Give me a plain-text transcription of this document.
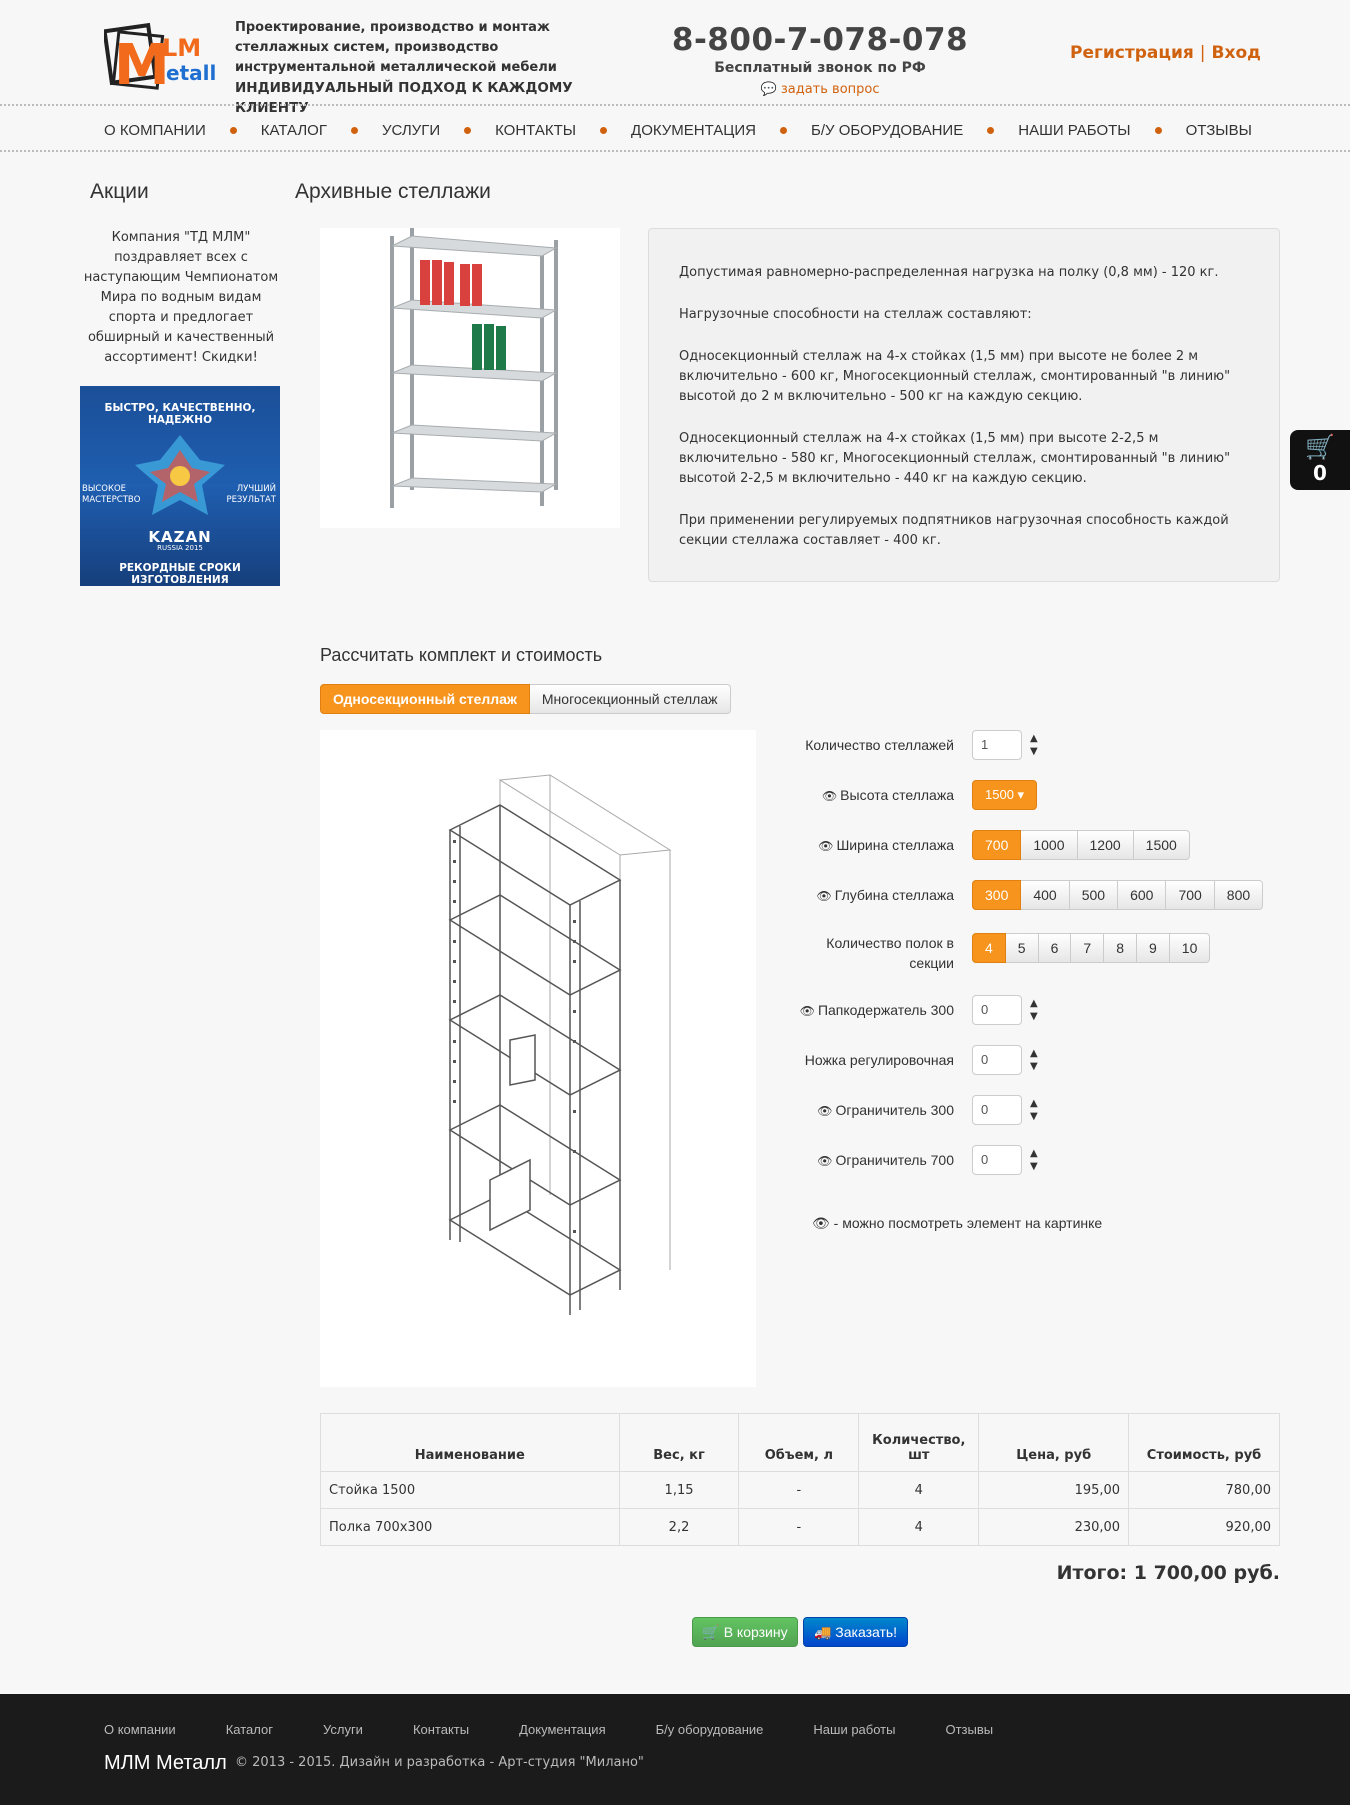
M
LM
etall
Проектирование, производство и монтаж
стеллажных систем, производство
инструментальной металлической мебели
ИНДИВИДУАЛЬНЫЙ ПОДХОД К КАЖДОМУ КЛИЕНТУ
8-800-7-078-078
Бесплатный звонок по РФ
💬 задать вопрос
Регистрация | Вход
О КОМПАНИИ	КАТАЛОГ	УСЛУГИ	КОНТАКТЫ	ДОКУМЕНТАЦИЯ	Б/У ОБОРУДОВАНИЕ	НАШИ РАБОТЫ	ОТЗЫВЫ
Акции
Компания "ТД МЛМ" поздравляет всех с наступающим Чемпионатом Мира по водным видам спорта и предлогает обширный и качественный ассортимент! Скидки!
БЫСТРО, КАЧЕСТВЕННО, НАДЕЖНО
ВЫСОКОЕ МАСТЕРСТВО
ЛУЧШИЙ РЕЗУЛЬТАТ
KAZAN
RUSSIA 2015
РЕКОРДНЫЕ СРОКИ ИЗГОТОВЛЕНИЯ
Архивные стеллажи

Допустимая равномерно-распределенная нагрузка на полку (0,8 мм) - 120 кг.

Нагрузочные способности на стеллаж составляют:

Односекционный стеллаж на 4-х стойках (1,5 мм) при высоте не более 2 м включительно - 600 кг, Многосекционный стеллаж, смонтированный "в линию" высотой до 2 м включительно - 500 кг на каждую секцию.

Односекционный стеллаж на 4-х стойках (1,5 мм) при высоте 2-2,5 м включительно - 580 кг, Многосекционный стеллаж, смонтированный "в линию" высотой 2-2,5 м включительно - 440 кг на каждую секцию.

При применении регулируемых подпятников нагрузочная способность каждой секции стеллажа составляет - 400 кг.

🛒
0
Рассчитать комплект и стоимость
Односекционный стеллаж	Многосекционный стеллаж
Количество стеллажей	1	▲
▼
👁 Высота стеллажа	1500 ▾
👁 Ширина стеллажа	700	1000	1200	1500
👁 Глубина стеллажа	300	400	500	600	700	800
Количество полок в секции
4	5	6	7	8	9	10
👁 Папкодержатель 300	0	▲
▼
Ножка регулировочная	0	▲
▼
👁 Ограничитель 300	0	▲
▼
👁 Ограничитель 700	0	▲
▼
👁 - можно посмотреть элемент на картинке
Наименование	Вес, кг	Объем, л	Количество, шт	Цена, руб	Стоимость, руб
Стойка 1500	1,15	-	4	195,00	780,00
Полка 700х300	2,2	-	4	230,00	920,00
Итого: 1 700,00 руб.
🛒 В корзину	🚚 Заказать!
О компании	Каталог	Услуги	Контакты	Документация	Б/у оборудование	Наши работы	Отзывы
МЛМ Металл © 2013 - 2015. Дизайн и разработка - Арт-студия "Милано"
